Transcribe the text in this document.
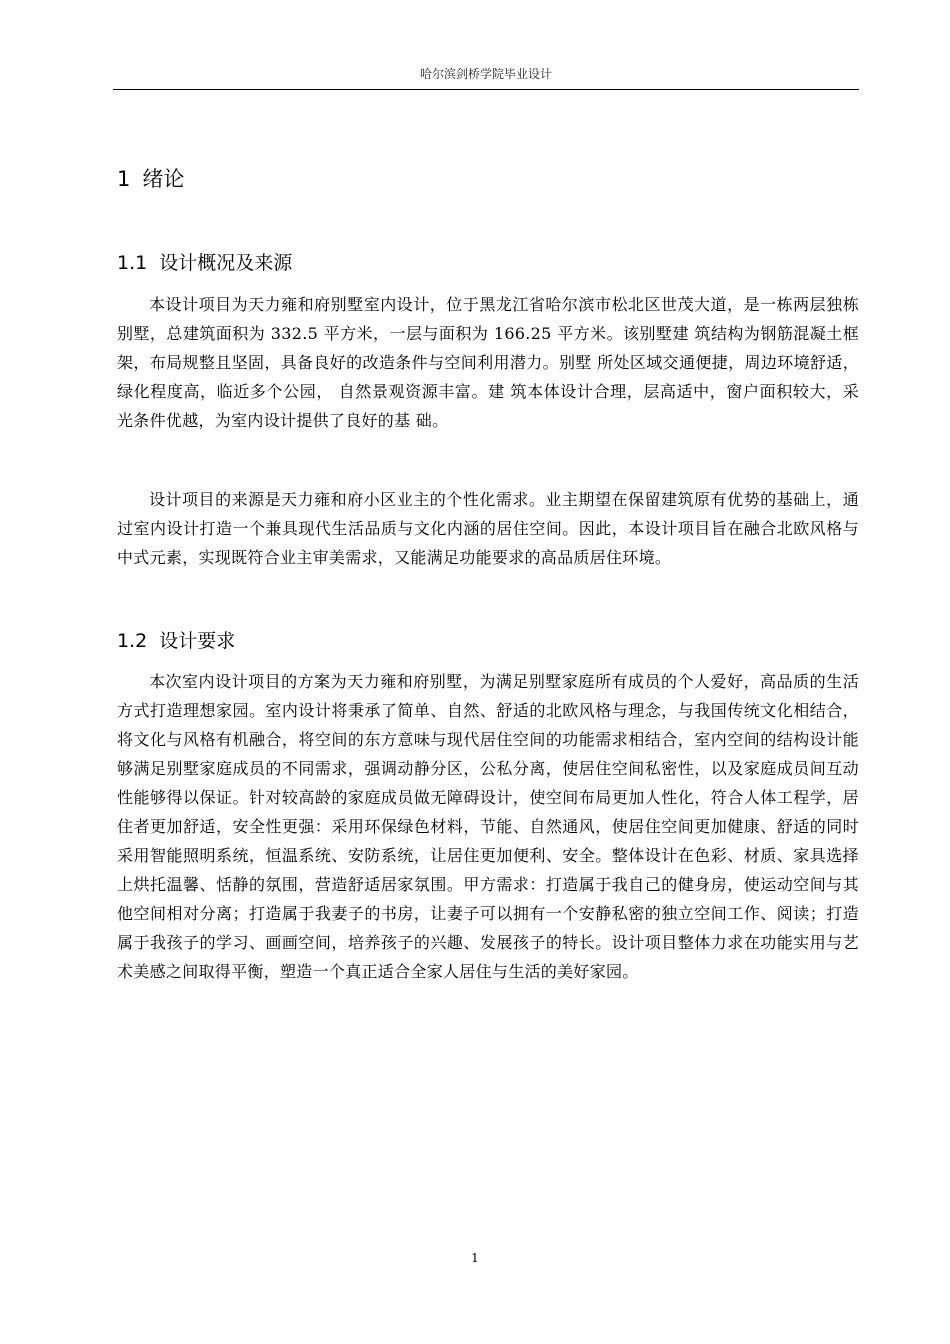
哈尔滨剑桥学院毕业设计
1 绪论
1.1 设计概况及来源

本设计项目为天力雍和府别墅室内设计，位于黑龙江省哈尔滨市松北区世茂大道，是一栋两层独栋别墅，总建筑面积为 332.5 平方米，一层与面积为 166.25 平方米。该别墅建 筑结构为钢筋混凝土框架，布局规整且坚固，具备良好的改造条件与空间利用潜力。别墅 所处区域交通便捷，周边环境舒适，绿化程度高，临近多个公园， 自然景观资源丰富。建 筑本体设计合理，层高适中，窗户面积较大，采光条件优越，为室内设计提供了良好的基 础。

设计项目的来源是天力雍和府小区业主的个性化需求。业主期望在保留建筑原有优势的基础上，通过室内设计打造一个兼具现代生活品质与文化内涵的居住空间。因此，本设计项目旨在融合北欧风格与中式元素，实现既符合业主审美需求，又能满足功能要求的高品质居住环境。

1.2 设计要求

本次室内设计项目的方案为天力雍和府别墅，为满足别墅家庭所有成员的个人爱好，高品质的生活方式打造理想家园。室内设计将秉承了简单、自然、舒适的北欧风格与理念，与我国传统文化相结合，将文化与风格有机融合，将空间的东方意味与现代居住空间的功能需求相结合，室内空间的结构设计能够满足别墅家庭成员的不同需求，强调动静分区，公私分离，使居住空间私密性，以及家庭成员间互动性能够得以保证。针对较高龄的家庭成员做无障碍设计，使空间布局更加人性化，符合人体工程学，居住者更加舒适，安全性更强：采用环保绿色材料，节能、自然通风，使居住空间更加健康、舒适的同时采用智能照明系统，恒温系统、安防系统，让居住更加便利、安全。整体设计在色彩、材质、家具选择上烘托温馨、恬静的氛围，营造舒适居家氛围。甲方需求：打造属于我自己的健身房，使运动空间与其他空间相对分离；打造属于我妻子的书房，让妻子可以拥有一个安静私密的独立空间工作、阅读；打造属于我孩子的学习、画画空间，培养孩子的兴趣、发展孩子的特长。设计项目整体力求在功能实用与艺术美感之间取得平衡，塑造一个真正适合全家人居住与生活的美好家园。

1
